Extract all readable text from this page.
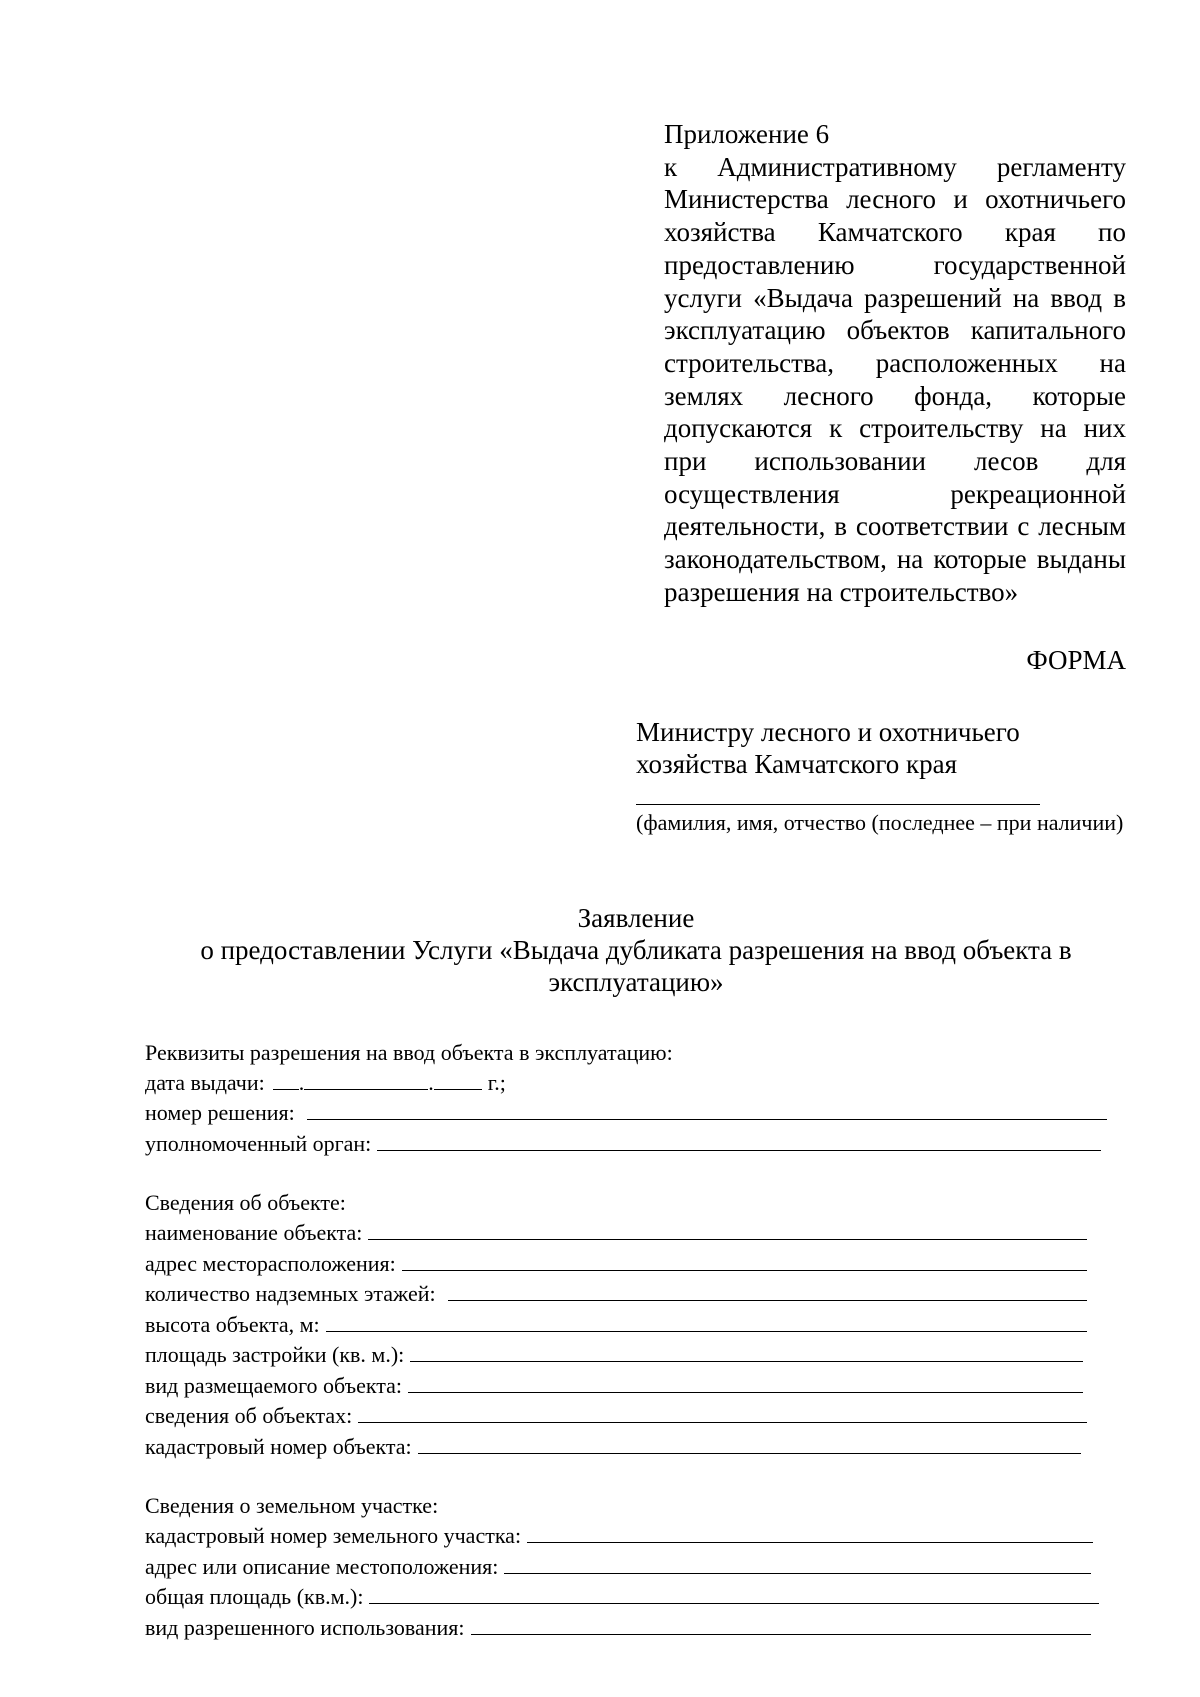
Приложение 6
к Административному регламенту Министерства лесного и охотничьего хозяйства Камчатского края по предоставлению государственной услуги «Выдача разрешений на ввод в эксплуатацию объектов капитального строительства, расположенных на землях лесного фонда, которые допускаются к строительству на них при использовании лесов для осуществления рекреационной деятельности, в соответствии с лесным законодательством, на которые выданы разрешения на строительство»
ФОРМА
Министру лесного и охотничьего
хозяйства Камчатского края
(фамилия, имя, отчество (последнее – при наличии)
Заявление
о предоставлении Услуги «Выдача дубликата разрешения на ввод объекта в
эксплуатацию»
Реквизиты разрешения на ввод объекта в эксплуатацию:
дата выдачи: .	. г.;
номер решения:
уполномоченный орган:
Сведения об объекте:
наименование объекта:
адрес месторасположения:
количество надземных этажей:
высота объекта, м:
площадь застройки (кв. м.):
вид размещаемого объекта:
сведения об объектах:
кадастровый номер объекта:
Сведения о земельном участке:
кадастровый номер земельного участка:
адрес или описание местоположения:
общая площадь (кв.м.):
вид разрешенного использования:
